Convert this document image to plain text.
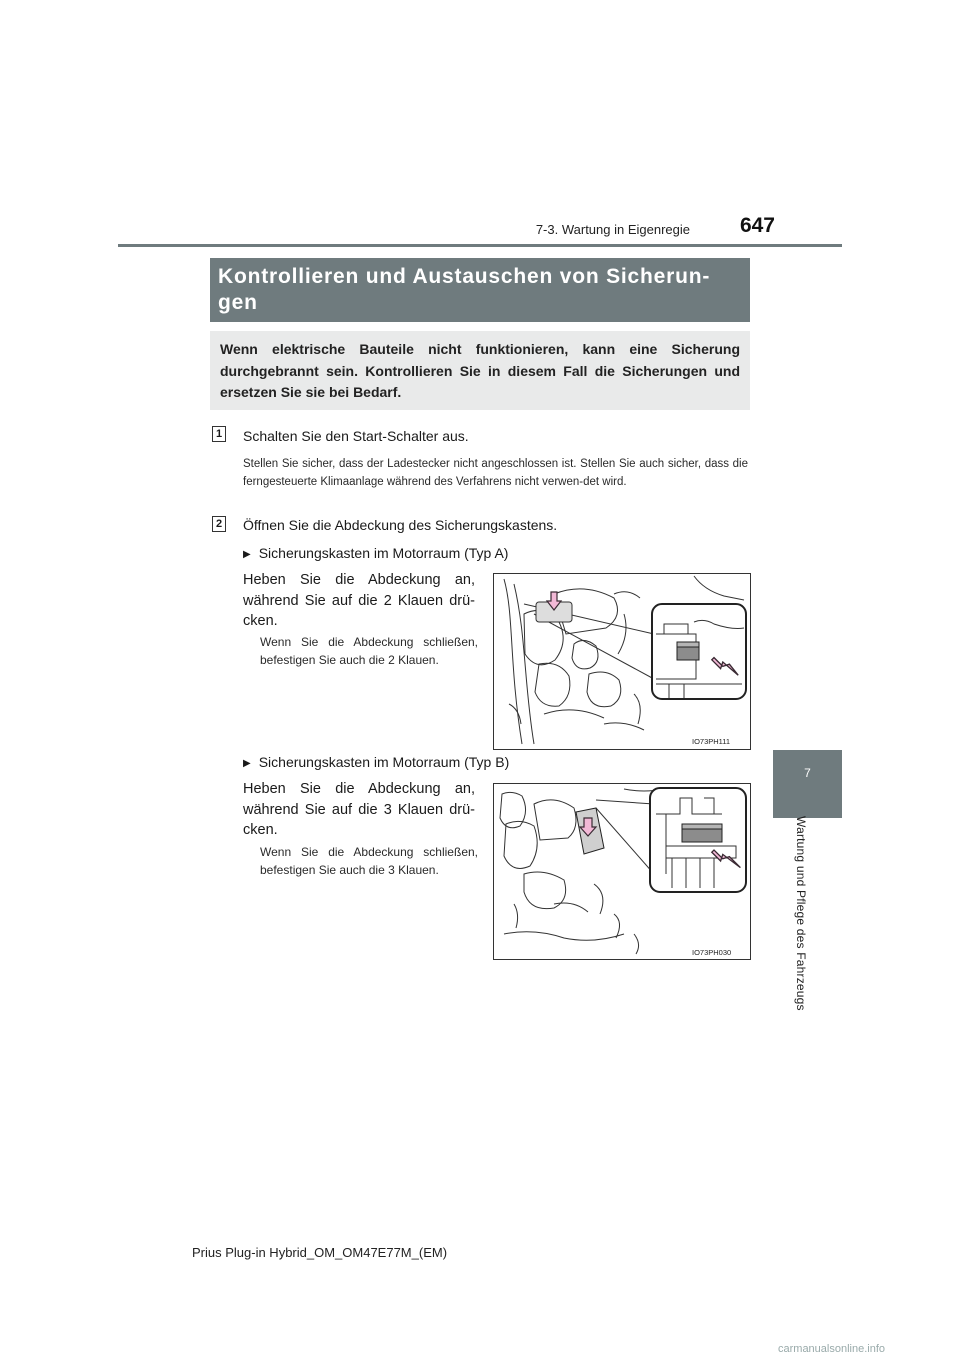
7-3. Wartung in Eigenregie	647
7
Wartung und Pflege des Fahrzeugs
Kontrollieren und Austauschen von Sicherun-
gen
Wenn elektrische Bauteile nicht funktionieren, kann eine Sicherung durchgebrannt sein. Kontrollieren Sie in diesem Fall die Sicherungen und ersetzen Sie sie bei Bedarf.
1 Schalten Sie den Start-Schalter aus.
Stellen Sie sicher, dass der Ladestecker nicht angeschlossen ist. Stellen Sie auch sicher, dass die ferngesteuerte Klimaanlage während des Verfahrens nicht verwen-det wird.
2 Öffnen Sie die Abdeckung des Sicherungskastens.
▶ Sicherungskasten im Motorraum (Typ A)
Heben Sie die Abdeckung an, während Sie auf die 2 Klauen drü-cken.
Wenn Sie die Abdeckung schließen, befestigen Sie auch die 2 Klauen.
IO73PH111
▶ Sicherungskasten im Motorraum (Typ B)
Heben Sie die Abdeckung an, während Sie auf die 3 Klauen drü-cken.
Wenn Sie die Abdeckung schließen, befestigen Sie auch die 3 Klauen.
IO73PH030
Prius Plug-in Hybrid_OM_OM47E77M_(EM)
carmanualsonline.info
